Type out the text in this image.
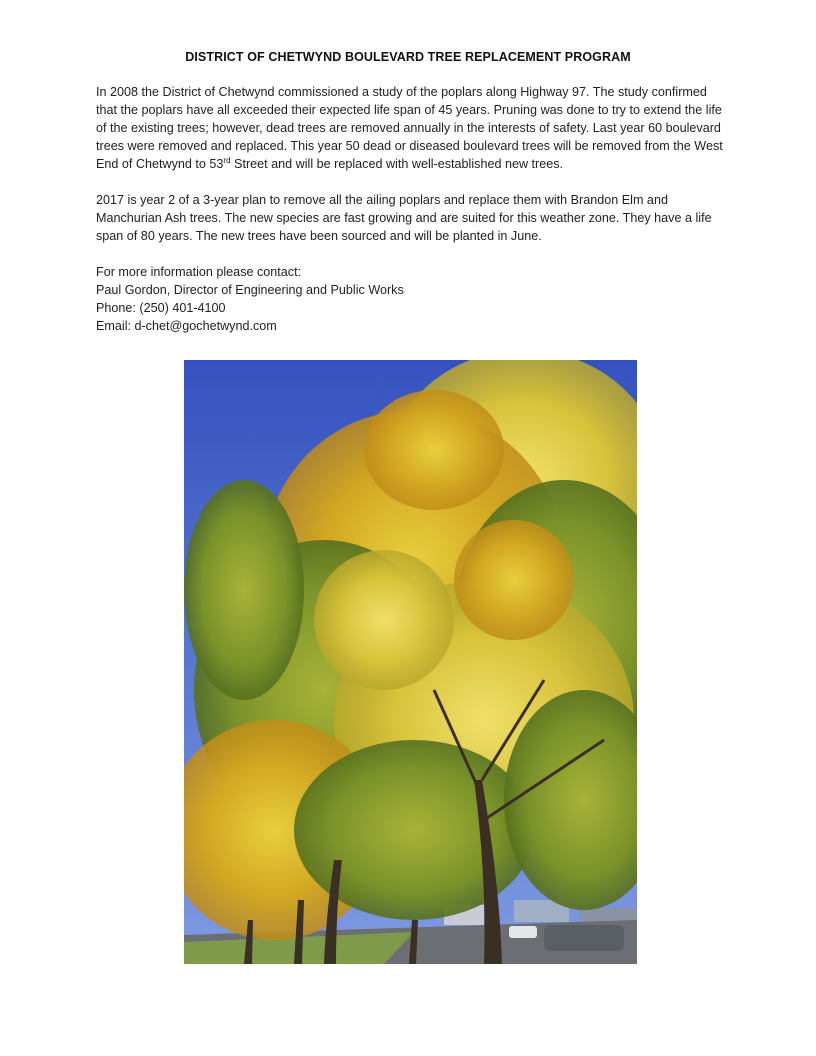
DISTRICT OF CHETWYND BOULEVARD TREE REPLACEMENT PROGRAM

In 2008 the District of Chetwynd commissioned a study of the poplars along Highway 97. The study confirmed that the poplars have all exceeded their expected life span of 45 years. Pruning was done to try to extend the life of the existing trees; however, dead trees are removed annually in the interests of safety. Last year 60 boulevard trees were removed and replaced. This year 50 dead or diseased boulevard trees will be removed from the West End of Chetwynd to 53rd Street and will be replaced with well-established new trees.

2017 is year 2 of a 3-year plan to remove all the ailing poplars and replace them with Brandon Elm and Manchurian Ash trees. The new species are fast growing and are suited for this weather zone. They have a life span of 80 years. The new trees have been sourced and will be planted in June.

For more information please contact:
Paul Gordon, Director of Engineering and Public Works
Phone: (250) 401-4100
Email: d-chet@gochetwynd.com
